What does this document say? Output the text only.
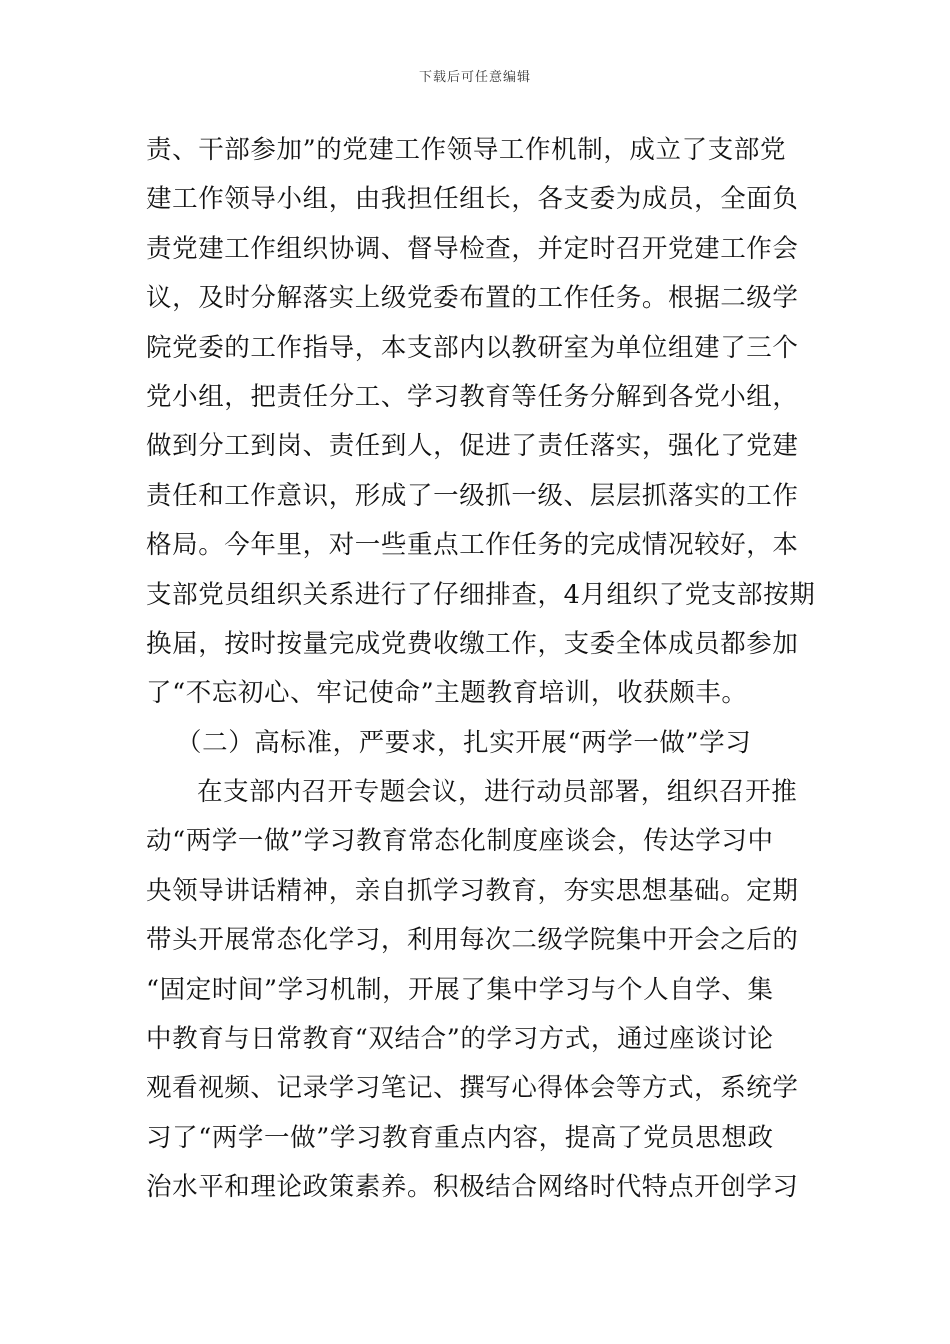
下载后可任意编辑
责、干部参加”的党建工作领导工作机制，成立了支部党
建工作领导小组，由我担任组长，各支委为成员，全面负
责党建工作组织协调、督导检查，并定时召开党建工作会
议，及时分解落实上级党委布置的工作任务。根据二级学
院党委的工作指导，本支部内以教研室为单位组建了三个
党小组，把责任分工、学习教育等任务分解到各党小组，
做到分工到岗、责任到人，促进了责任落实，强化了党建
责任和工作意识，形成了一级抓一级、层层抓落实的工作
格局。今年里，对一些重点工作任务的完成情况较好，本
支部党员组织关系进行了仔细排查，4月组织了党支部按期
换届，按时按量完成党费收缴工作，支委全体成员都参加
了“不忘初心、牢记使命”主题教育培训，收获颇丰。
（二）高标准，严要求，扎实开展“两学一做”学习
在支部内召开专题会议，进行动员部署，组织召开推
动“两学一做”学习教育常态化制度座谈会，传达学习中
央领导讲话精神，亲自抓学习教育，夯实思想基础。定期
带头开展常态化学习，利用每次二级学院集中开会之后的
“固定时间”学习机制，开展了集中学习与个人自学、集
中教育与日常教育“双结合”的学习方式，通过座谈讨论
观看视频、记录学习笔记、撰写心得体会等方式，系统学
习了“两学一做”学习教育重点内容，提高了党员思想政
治水平和理论政策素养。积极结合网络时代特点开创学习
